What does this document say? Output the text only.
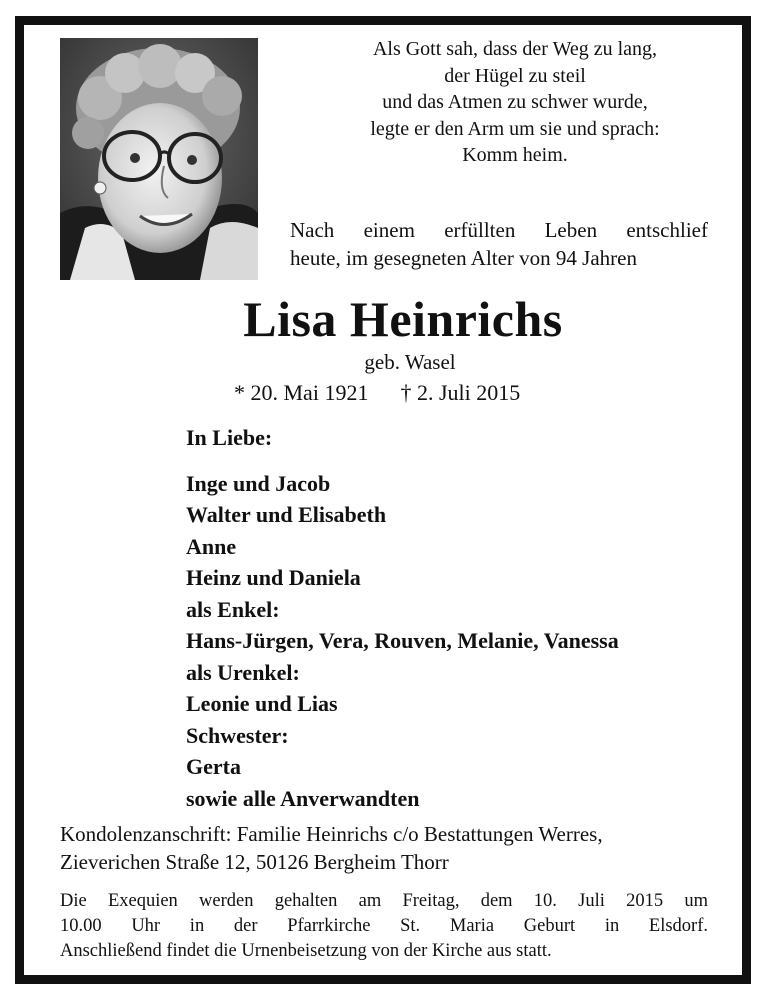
Als Gott sah, dass der Weg zu lang,
der Hügel zu steil
und das Atmen zu schwer wurde,
legte er den Arm um sie und sprach:
Komm heim.
Nach einem erfüllten Leben entschlief
heute, im gesegneten Alter von 94 Jahren
Lisa Heinrichs
geb. Wasel
* 20. Mai 1921 † 2. Juli 2015
In Liebe:
Inge und Jacob
Walter und Elisabeth
Anne
Heinz und Daniela
als Enkel:
Hans-Jürgen, Vera, Rouven, Melanie, Vanessa
als Urenkel:
Leonie und Lias
Schwester:
Gerta
sowie alle Anverwandten
Kondolenzanschrift: Familie Heinrichs c/o Bestattungen Werres,
Zieverichen Straße 12, 50126 Bergheim Thorr
Die Exequien werden gehalten am Freitag, dem 10. Juli 2015 um
10.00 Uhr in der Pfarrkirche St. Maria Geburt in Elsdorf.
Anschließend findet die Urnenbeisetzung von der Kirche aus statt.
